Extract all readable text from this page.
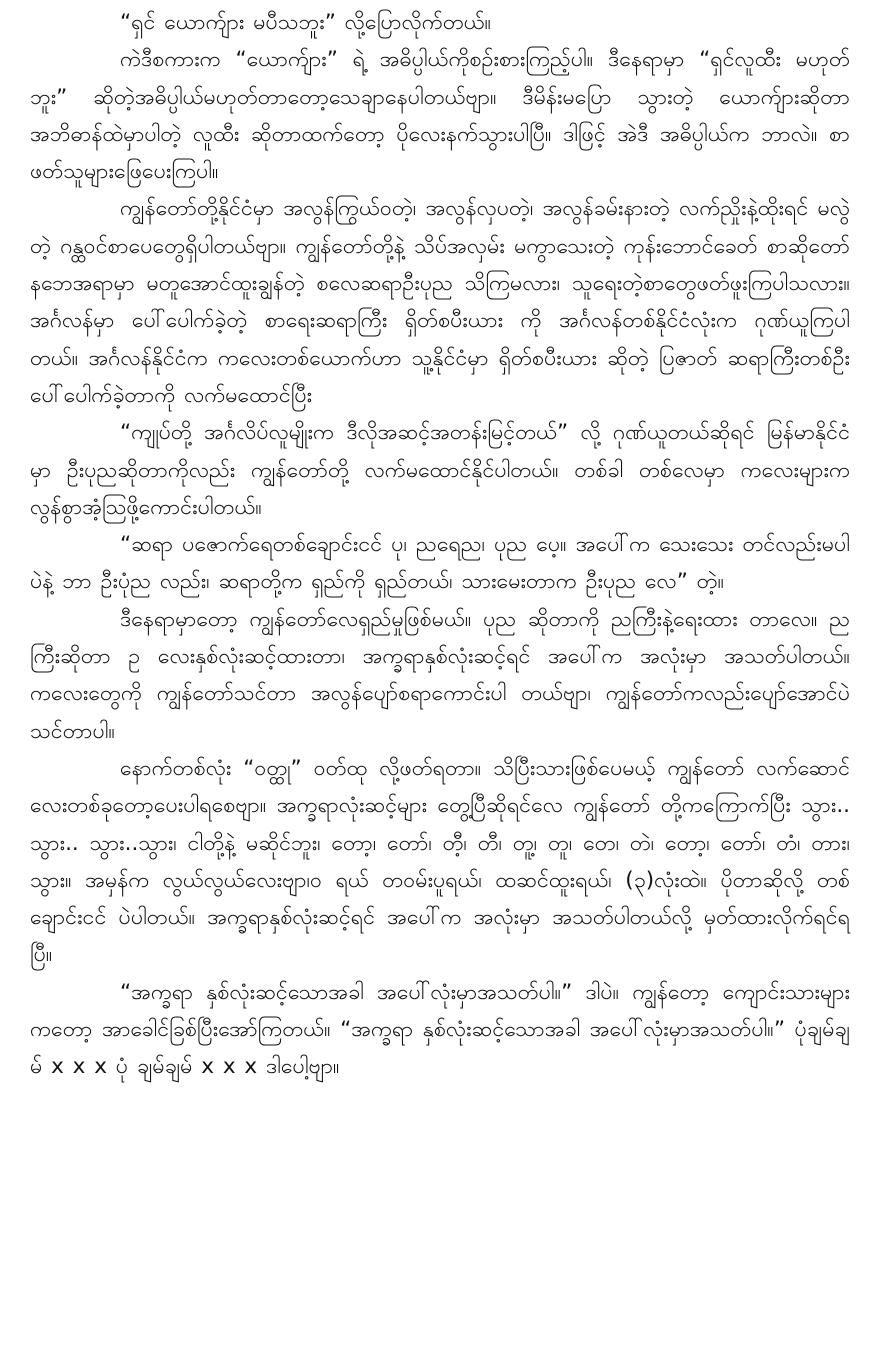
“ရှင် ယောက်ျား မပီသဘူး” လို့ပြောလိုက်တယ်။

ကဲဒီစကားက “ယောက်ျား” ရဲ့ အဓိပ္ပါယ်ကိုစဉ်းစားကြည့်ပါ။ ဒီနေရာမှာ “ရှင်လူထီး မဟုတ်ဘူး” ဆိုတဲ့အဓိပ္ပါယ်မဟုတ်တာတော့သေချာနေပါတယ်ဗျာ။ ဒီမိန်းမပြော သွားတဲ့ ယောက်ျားဆိုတာ အဘိဓာန်ထဲမှာပါတဲ့ လူထီး ဆိုတာထက်တော့ ပိုလေးနက်သွားပါပြီ။ ဒါဖြင့် အဲဒီ အဓိပ္ပါယ်က ဘာလဲ။ စာဖတ်သူများဖြေပေးကြပါ။

ကျွန်တော်တို့နိုင်ငံမှာ အလွန်ကြွယ်ဝတဲ့၊ အလွန်လှပတဲ့၊ အလွန်ခမ်းနားတဲ့ လက်ညှိုးနဲ့ထိုးရင် မလွဲတဲ့ ဂန္ထဝင်စာပေတွေရှိပါတယ်ဗျာ။ ကျွန်တော်တို့နဲ့ သိပ်အလှမ်း မကွာသေးတဲ့ ကုန်းဘောင်ခေတ် စာဆိုတော် နဘေအရာမှာ မတူအောင်ထူးချွန်တဲ့ စလေဆရာဦးပုည သိကြမလား၊ သူရေးတဲ့စာတွေဖတ်ဖူးကြပါသလား။ အင်္ဂလန်မှာ ပေါ်ပေါက်ခဲ့တဲ့ စာရေးဆရာကြီး ရှိတ်စပီးယား ကို အင်္ဂလန်တစ်နိုင်ငံလုံးက ဂုဏ်ယူကြပါ တယ်။ အင်္ဂလန်နိုင်ငံက ကလေးတစ်ယောက်ဟာ သူ့နိုင်ငံမှာ ရှိတ်စပီးယား ဆိုတဲ့ ပြဇာတ် ဆရာကြီးတစ်ဦးပေါ်ပေါက်ခဲ့တာကို လက်မထောင်ပြီး

“ကျုပ်တို့ အင်္ဂလိပ်လူမျိုးက ဒီလိုအဆင့်အတန်းမြင့်တယ်” လို့ ဂုဏ်ယူတယ်ဆိုရင် မြန်မာနိုင်ငံမှာ ဦးပုညဆိုတာကိုလည်း ကျွန်တော်တို့ လက်မထောင်နိုင်ပါတယ်။ တစ်ခါ တစ်လေမှာ ကလေးများက လွန်စွာအံ့သြဖို့ကောင်းပါတယ်။

“ဆရာ ပဇောက်ရေတစ်ချောင်းငင် ပု၊ ညရေည၊ ပုည ပေ့။ အပေါ်က သေးသေး တင်လည်းမပါပဲနဲ့ ဘာ ဦးပုံည လည်း၊ ဆရာတို့က ရှည်ကို ရှည်တယ်၊ သားမေးတာက ဦးပုည လေ” တဲ့။

ဒီနေရာမှာတော့ ကျွန်တော်လေရှည်မှုဖြစ်မယ်။ ပုည ဆိုတာကို ညကြီးနဲ့ရေးထား တာလေ။ ညကြီးဆိုတာ ဥ လေးနှစ်လုံးဆင့်ထားတာ၊ အက္ခရာနှစ်လုံးဆင့်ရင် အပေါ်က အလုံးမှာ အသတ်ပါတယ်။ ကလေးတွေကို ကျွန်တော်သင်တာ အလွန်ပျော်စရာကောင်းပါ တယ်ဗျာ၊ ကျွန်တော်ကလည်းပျော်အောင်ပဲသင်တာပါ။

နောက်တစ်လုံး “ဝတ္ထု” ဝတ်ထု လို့ဖတ်ရတာ။ သိပြီးသားဖြစ်ပေမယ့် ကျွန်တော် လက်ဆောင်လေးတစ်ခုတော့ပေးပါရစေဗျာ။ အက္ခရာလုံးဆင့်များ တွေ့ပြီဆိုရင်လေ ကျွန်တော် တို့ကကြောက်ပြီး သွား.. သွား.. သွား..သွား၊ ငါတို့နဲ့ မဆိုင်ဘူး၊ တော့၊ တော်၊ တီ့၊ တီ၊ တူ့၊ တူ၊ တေ၊ တဲ၊ တော့၊ တော်၊ တံ၊ တား၊ သွား။ အမှန်က လွယ်လွယ်လေးဗျာ၊ဝ ရယ် တဝမ်းပူရယ်၊ ထဆင်ထူးရယ်၊ (၃)လုံးထဲ။ ပိုတာဆိုလို့ တစ်ချောင်းငင် ပဲပါတယ်။ အက္ခရာနှစ်လုံးဆင့်ရင် အပေါ်က အလုံးမှာ အသတ်ပါတယ်လို့ မှတ်ထားလိုက်ရင်ရပြီ။

“အက္ခရာ နှစ်လုံးဆင့်သောအခါ အပေါ်လုံးမှာအသတ်ပါ။” ဒါပဲ။ ကျွန်တော့ ကျောင်းသားများကတော့ အာခေါင်ခြစ်ပြီးအော်ကြတယ်။ “အက္ခရာ နှစ်လုံးဆင့်သောအခါ အပေါ်လုံးမှာအသတ်ပါ။” ပုံချမ်ချမ် x x x ပုံ ချမ်ချမ် x x x ဒါပေါ့ဗျာ။
